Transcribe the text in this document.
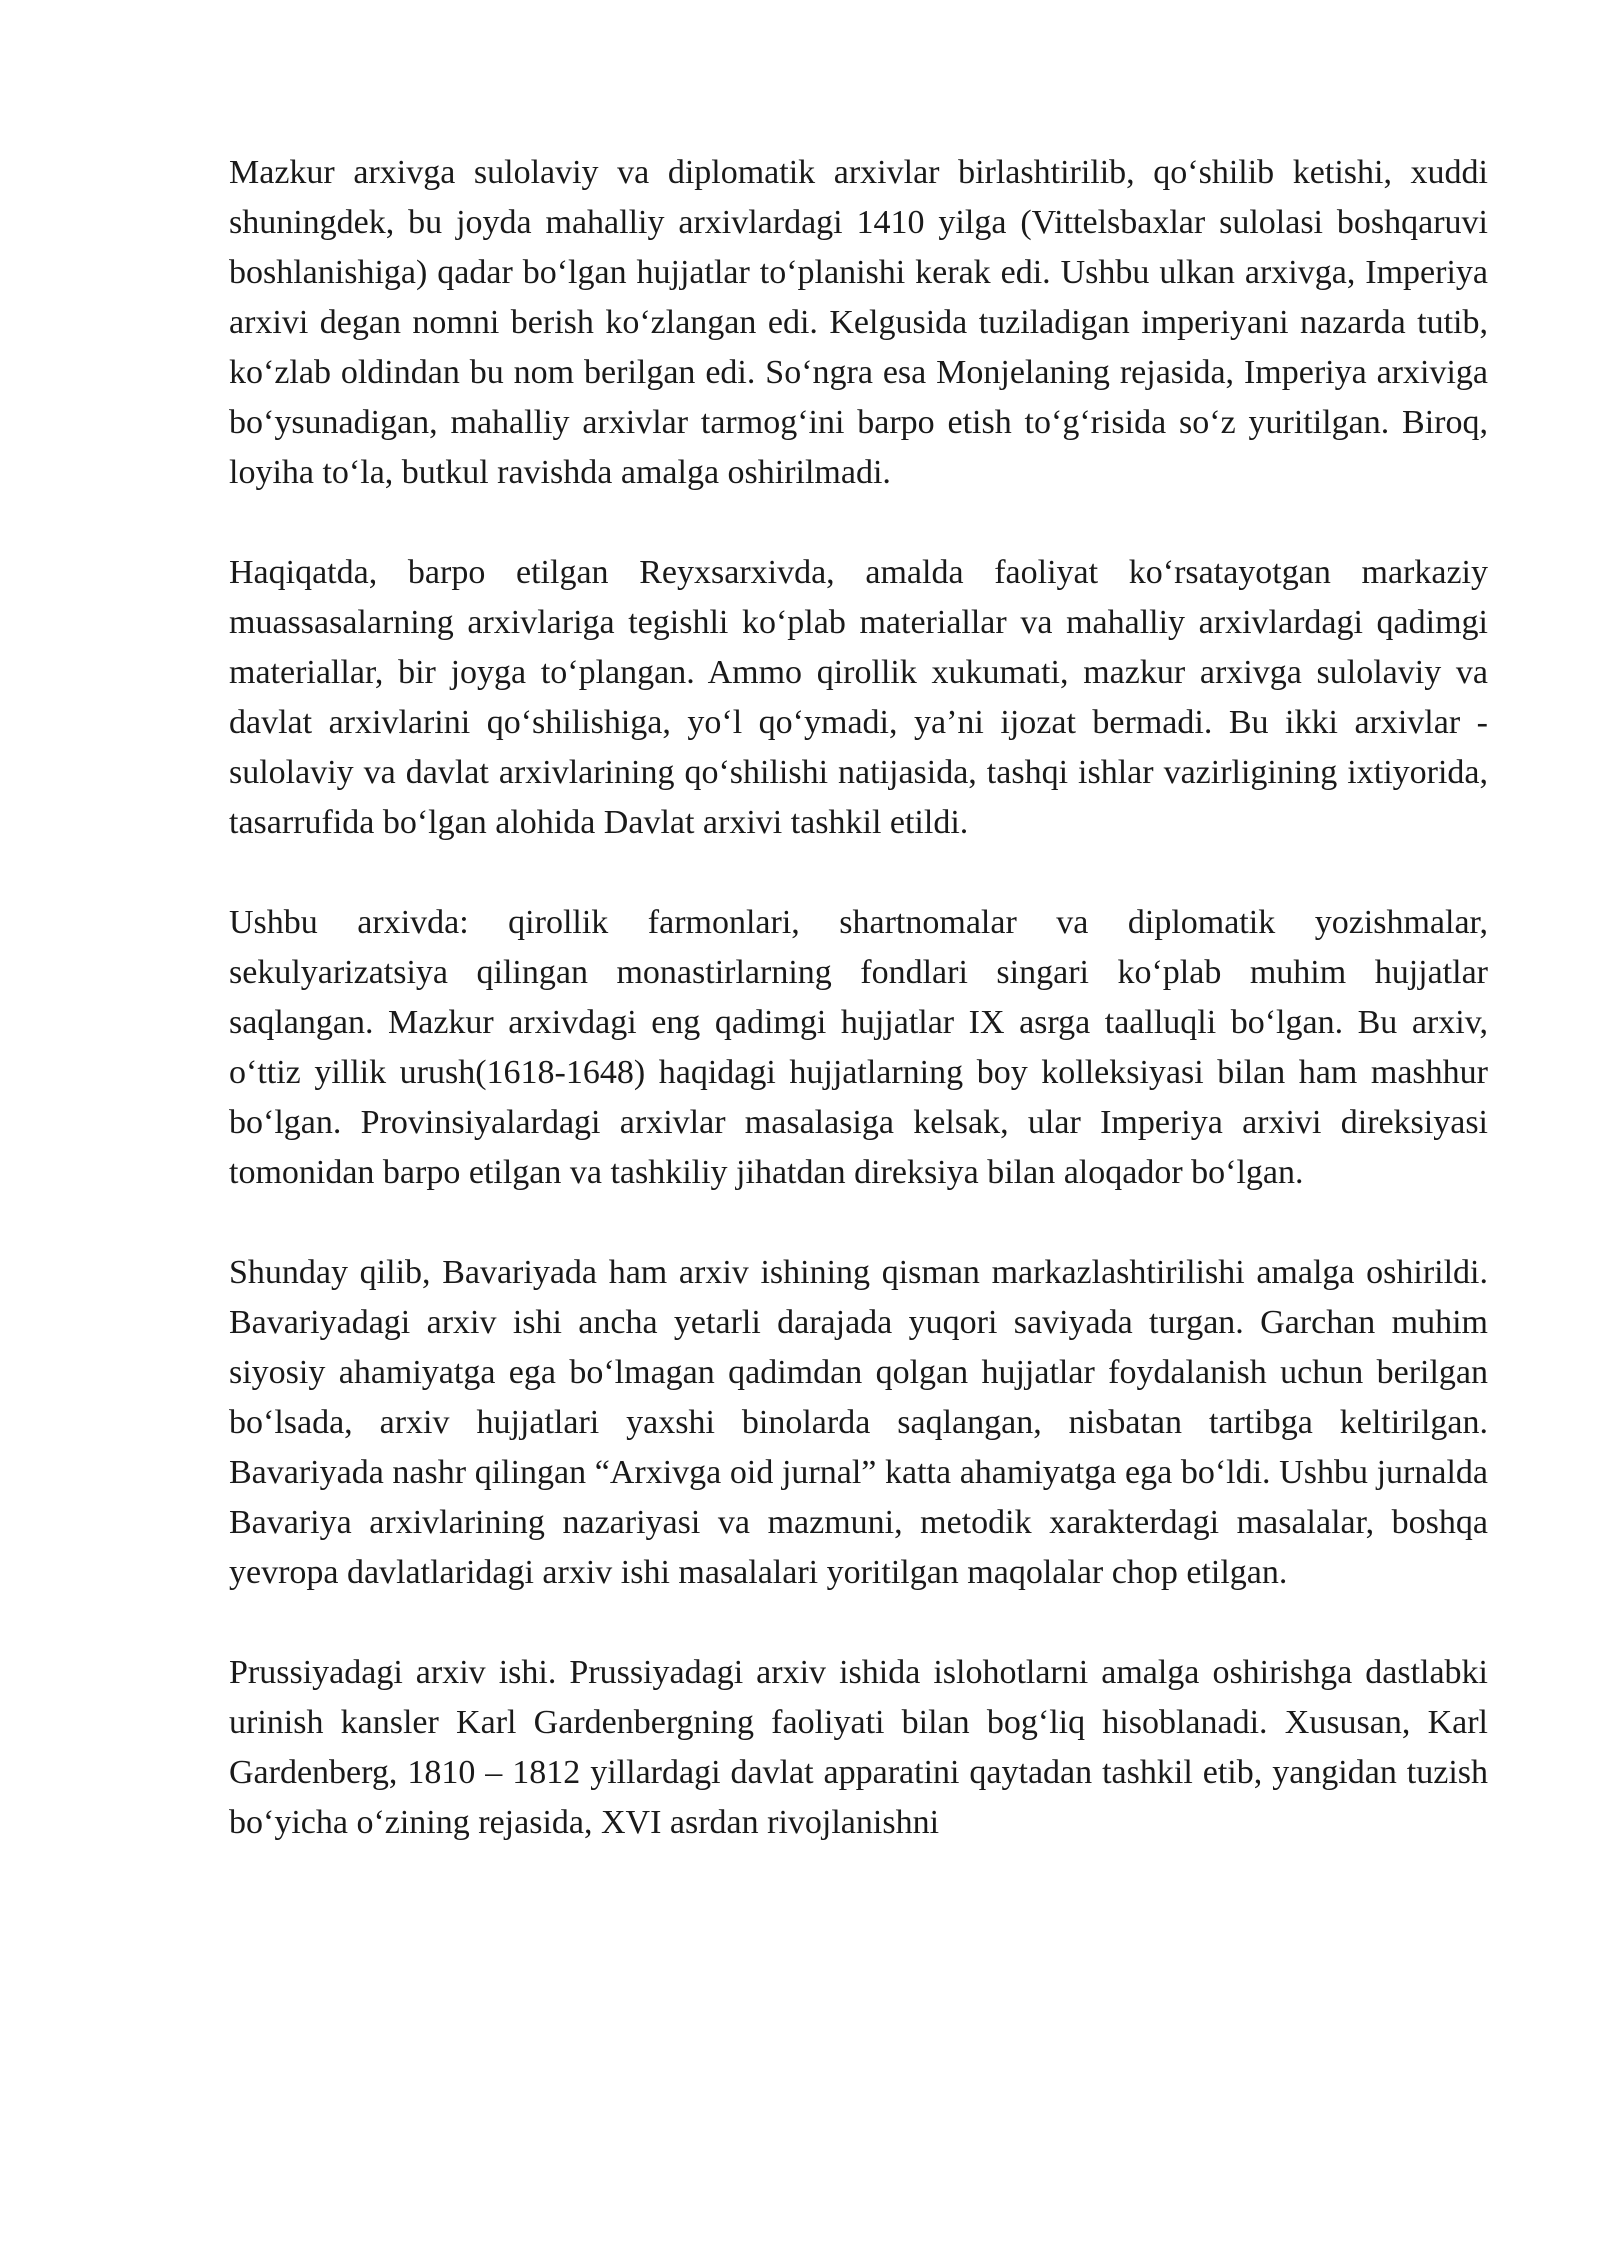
Mazkur arxivga sulolaviy va diplomatik arxivlar birlashtirilib, qo‘shilib ketishi, xuddi shuningdek, bu joyda mahalliy arxivlardagi 1410 yilga (Vittelsbaxlar sulolasi boshqaruvi boshlanishiga) qadar bo‘lgan hujjatlar to‘planishi kerak edi. Ushbu ulkan arxivga, Imperiya arxivi degan nomni berish ko‘zlangan edi. Kelgusida tuziladigan imperiyani nazarda tutib, ko‘zlab oldindan bu nom berilgan edi. So‘ngra esa Monjelaning rejasida, Imperiya arxiviga bo‘ysunadigan, mahalliy arxivlar tarmog‘ini barpo etish to‘g‘risida so‘z yuritilgan. Biroq, loyiha to‘la, butkul ravishda amalga oshirilmadi.

Haqiqatda, barpo etilgan Reyxsarxivda, amalda faoliyat ko‘rsatayotgan markaziy muassasalarning arxivlariga tegishli ko‘plab materiallar va mahalliy arxivlardagi qadimgi materiallar, bir joyga to‘plangan. Ammo qirollik xukumati, mazkur arxivga sulolaviy va davlat arxivlarini qo‘shilishiga, yo‘l qo‘ymadi, ya’ni ijozat bermadi. Bu ikki arxivlar - sulolaviy va davlat arxivlarining qo‘shilishi natijasida, tashqi ishlar vazirligining ixtiyorida, tasarrufida bo‘lgan alohida Davlat arxivi tashkil etildi.

Ushbu arxivda: qirollik farmonlari, shartnomalar va diplomatik yozishmalar, sekulyarizatsiya qilingan monastirlarning fondlari singari ko‘plab muhim hujjatlar saqlangan. Mazkur arxivdagi eng qadimgi hujjatlar IX asrga taalluqli bo‘lgan. Bu arxiv, o‘ttiz yillik urush(1618-1648) haqidagi hujjatlarning boy kolleksiyasi bilan ham mashhur bo‘lgan. Provinsiyalardagi arxivlar masalasiga kelsak, ular Imperiya arxivi direksiyasi tomonidan barpo etilgan va tashkiliy jihatdan direksiya bilan aloqador bo‘lgan.

Shunday qilib, Bavariyada ham arxiv ishining qisman markazlashtirilishi amalga oshirildi. Bavariyadagi arxiv ishi ancha yetarli darajada yuqori saviyada turgan. Garchan muhim siyosiy ahamiyatga ega bo‘lmagan qadimdan qolgan hujjatlar foydalanish uchun berilgan bo‘lsada, arxiv hujjatlari yaxshi binolarda saqlangan, nisbatan tartibga keltirilgan. Bavariyada nashr qilingan “Arxivga oid jurnal” katta ahamiyatga ega bo‘ldi. Ushbu jurnalda Bavariya arxivlarining nazariyasi va mazmuni, metodik xarakterdagi masalalar, boshqa yevropa davlatlaridagi arxiv ishi masalalari yoritilgan maqolalar chop etilgan.

Prussiyadagi arxiv ishi. Prussiyadagi arxiv ishida islohotlarni amalga oshirishga dastlabki urinish kansler Karl Gardenbergning faoliyati bilan bog‘liq hisoblanadi. Xususan, Karl Gardenberg, 1810 – 1812 yillardagi davlat apparatini qaytadan tashkil etib, yangidan tuzish bo‘yicha o‘zining rejasida, XVI asrdan rivojlanishni
